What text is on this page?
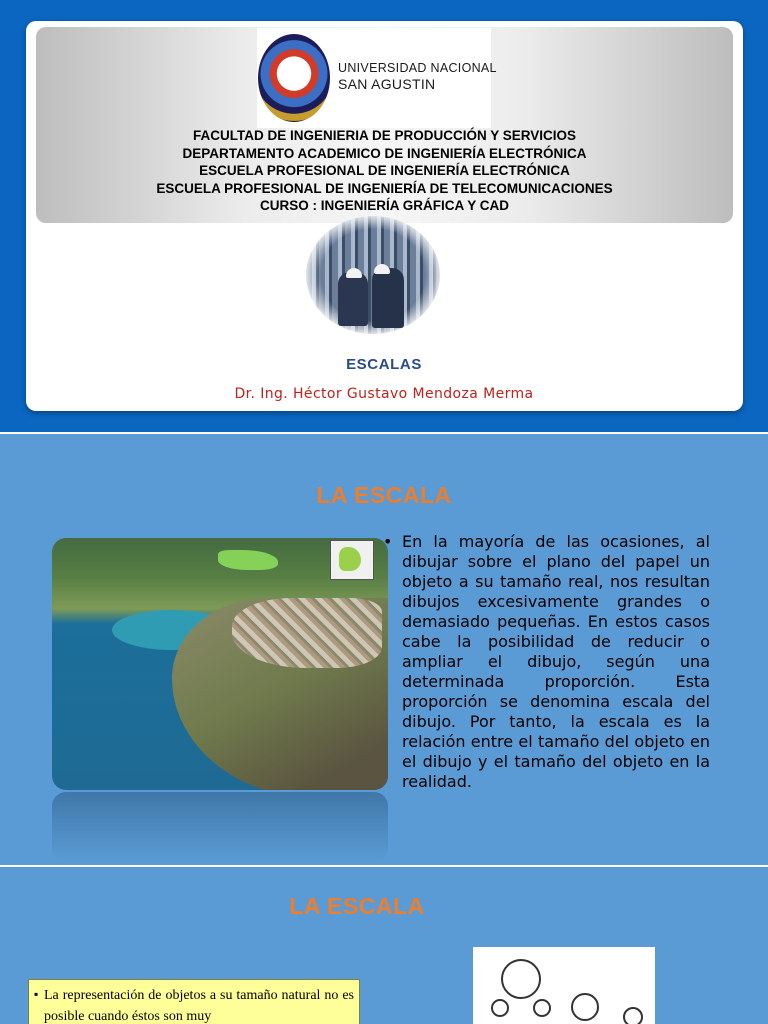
UNIVERSIDAD NACIONAL
SAN AGUSTIN
FACULTAD DE INGENIERIA DE PRODUCCIÓN Y SERVICIOS
DEPARTAMENTO ACADEMICO DE INGENIERÍA ELECTRÓNICA
ESCUELA PROFESIONAL DE INGENIERÍA ELECTRÓNICA
ESCUELA PROFESIONAL DE INGENIERÍA DE TELECOMUNICACIONES
CURSO : INGENIERÍA GRÁFICA Y CAD
ESCALAS
Dr. Ing. Héctor Gustavo Mendoza Merma
LA ESCALA
• En la mayoría de las ocasiones, al dibujar sobre el plano del papel un objeto a su tamaño real, nos resultan dibujos excesivamente grandes o demasiado pequeñas. En estos casos cabe la posibilidad de reducir o ampliar el dibujo, según una determinada proporción. Esta proporción se denomina escala del dibujo. Por tanto, la escala es la relación entre el tamaño del objeto en el dibujo y el tamaño del objeto en la realidad.
LA ESCALA
▪ La representación de objetos a su tamaño natural no es posible cuando éstos son muy
